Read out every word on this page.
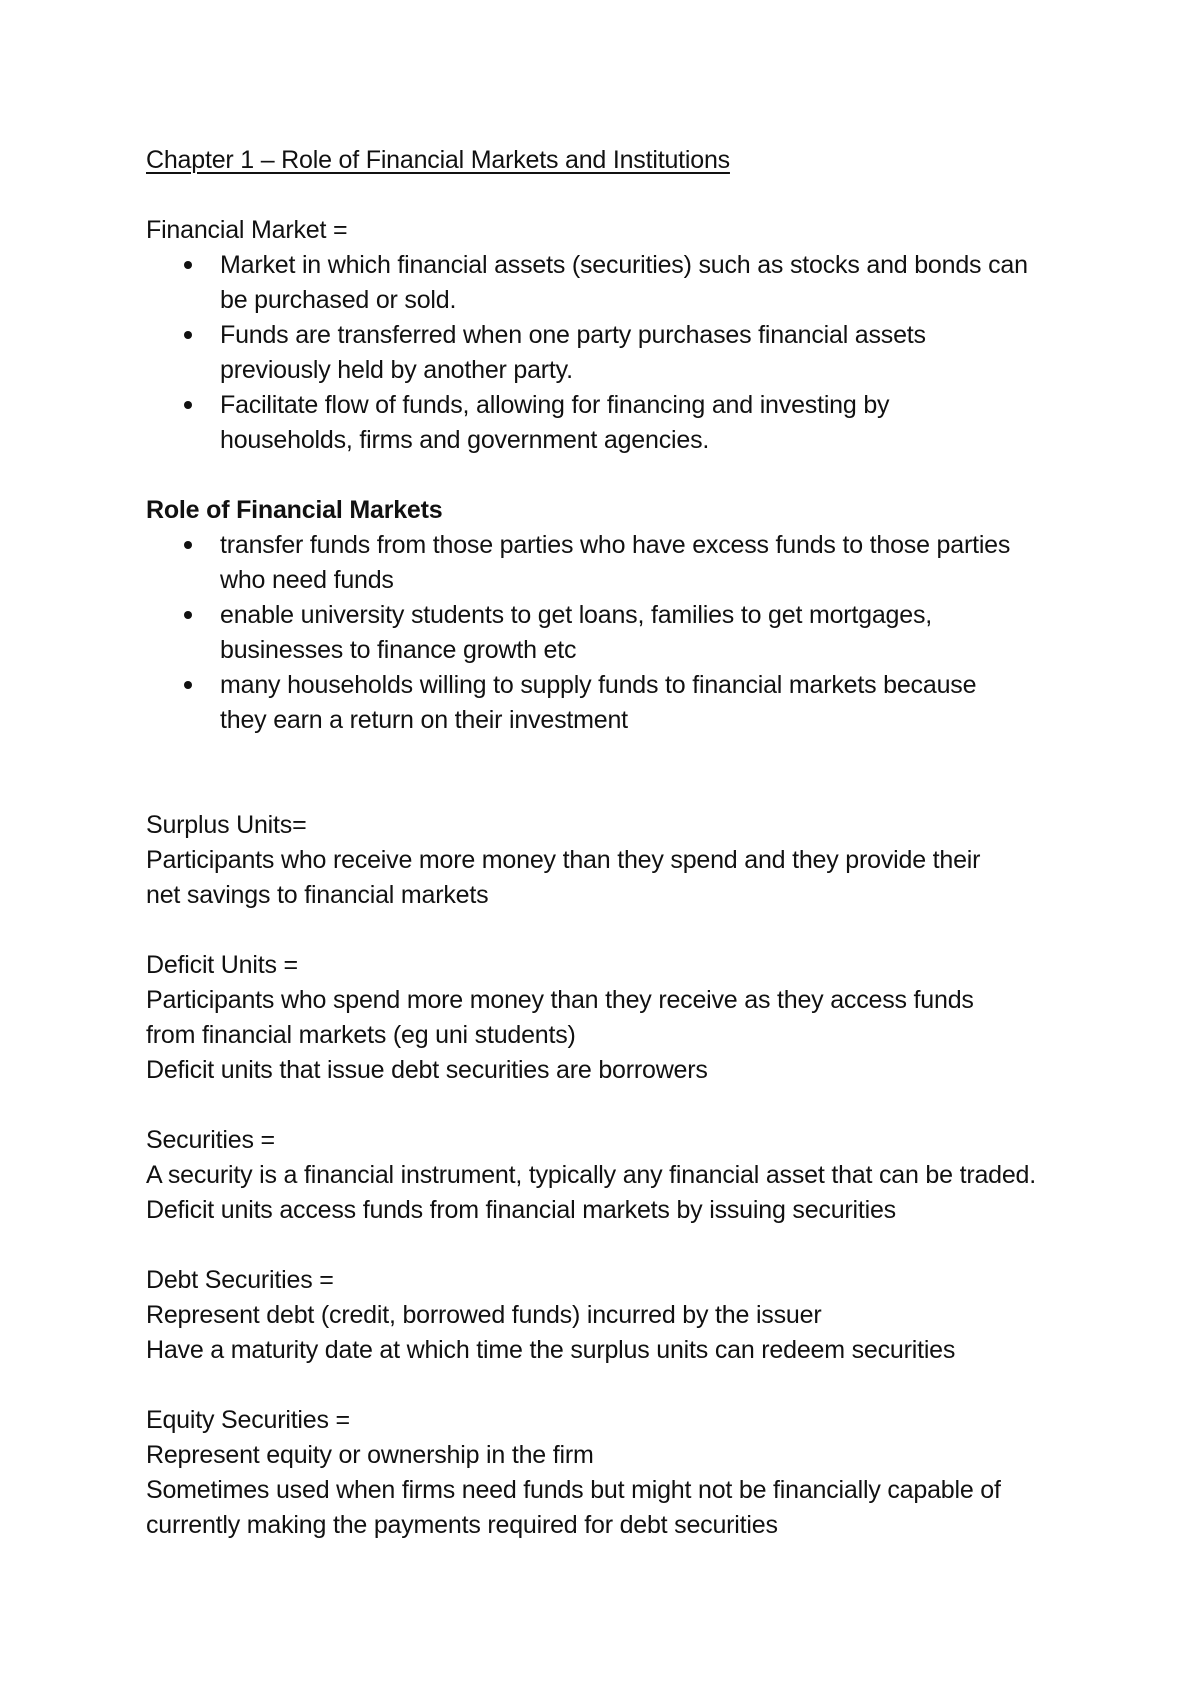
Chapter 1 – Role of Financial Markets and Institutions
Financial Market =
Market in which financial assets (securities) such as stocks and bonds can
be purchased or sold.
Funds are transferred when one party purchases financial assets
previously held by another party.
Facilitate flow of funds, allowing for financing and investing by
households, firms and government agencies.
Role of Financial Markets
transfer funds from those parties who have excess funds to those parties
who need funds
enable university students to get loans, families to get mortgages,
businesses to finance growth etc
many households willing to supply funds to financial markets because
they earn a return on their investment
Surplus Units=
Participants who receive more money than they spend and they provide their
net savings to financial markets
Deficit Units =
Participants who spend more money than they receive as they access funds
from financial markets (eg uni students)
Deficit units that issue debt securities are borrowers
Securities =
A security is a financial instrument, typically any financial asset that can be traded.
Deficit units access funds from financial markets by issuing securities
Debt Securities =
Represent debt (credit, borrowed funds) incurred by the issuer
Have a maturity date at which time the surplus units can redeem securities
Equity Securities =
Represent equity or ownership in the firm
Sometimes used when firms need funds but might not be financially capable of
currently making the payments required for debt securities
